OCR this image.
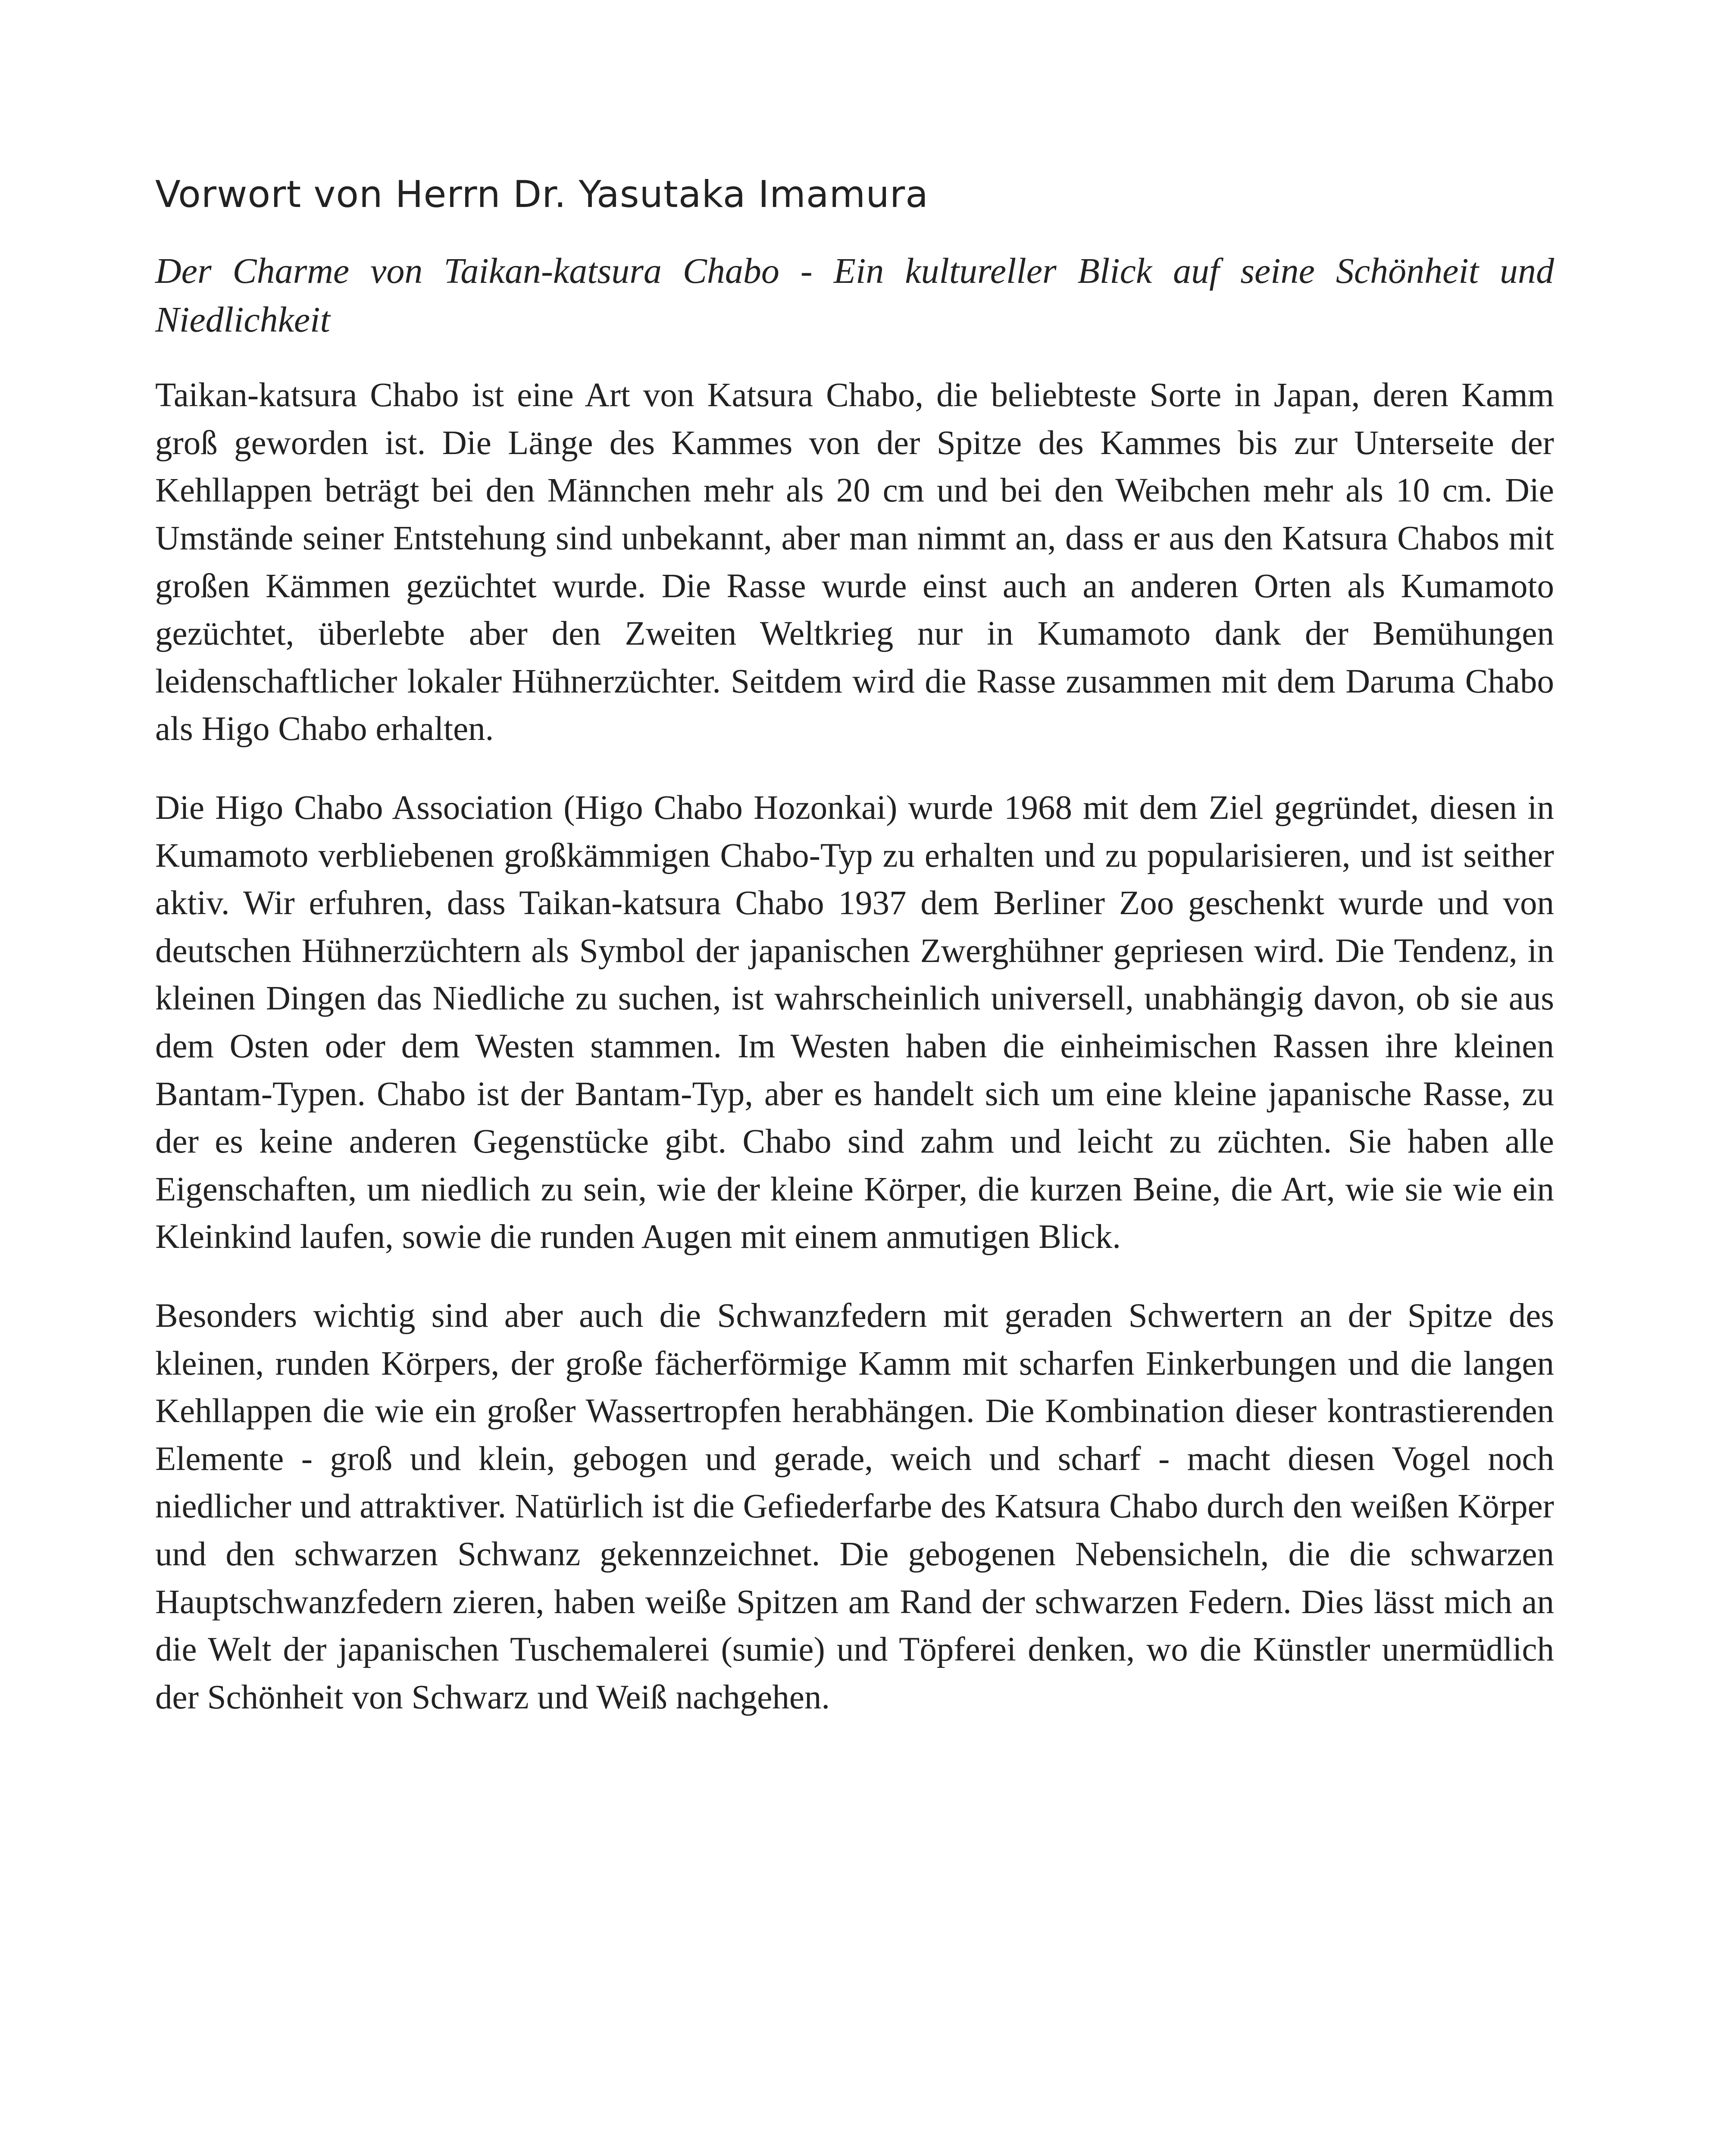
Vorwort von Herrn Dr. Yasutaka Imamura

Der Charme von Taikan-katsura Chabo - Ein kultureller Blick auf seine Schönheit und Niedlichkeit

Taikan-katsura Chabo ist eine Art von Katsura Chabo, die beliebteste Sorte in Japan, deren Kamm groß geworden ist. Die Länge des Kammes von der Spitze des Kammes bis zur Unterseite der Kehllappen beträgt bei den Männchen mehr als 20 cm und bei den Weibchen mehr als 10 cm. Die Umstände seiner Entstehung sind unbekannt, aber man nimmt an, dass er aus den Katsura Chabos mit großen Kämmen gezüchtet wurde. Die Rasse wurde einst auch an anderen Orten als Kumamoto gezüchtet, überlebte aber den Zweiten Weltkrieg nur in Kumamoto dank der Bemühungen leidenschaftlicher lokaler Hühnerzüchter. Seitdem wird die Rasse zusammen mit dem Daruma Chabo als Higo Chabo erhalten.

Die Higo Chabo Association (Higo Chabo Hozonkai) wurde 1968 mit dem Ziel gegründet, diesen in Kumamoto verbliebenen großkämmigen Chabo-Typ zu erhalten und zu popularisieren, und ist seither aktiv. Wir erfuhren, dass Taikan-katsura Chabo 1937 dem Berliner Zoo geschenkt wurde und von deutschen Hühnerzüchtern als Symbol der japanischen Zwerghühner gepriesen wird. Die Tendenz, in kleinen Dingen das Niedliche zu suchen, ist wahrscheinlich universell, unabhängig davon, ob sie aus dem Osten oder dem Westen stammen. Im Westen haben die einheimischen Rassen ihre kleinen Bantam-Typen. Chabo ist der Bantam-Typ, aber es handelt sich um eine kleine japanische Rasse, zu der es keine anderen Gegenstücke gibt. Chabo sind zahm und leicht zu züchten. Sie haben alle Eigenschaften, um niedlich zu sein, wie der kleine Körper, die kurzen Beine, die Art, wie sie wie ein Kleinkind laufen, sowie die runden Augen mit einem anmutigen Blick.

Besonders wichtig sind aber auch die Schwanzfedern mit geraden Schwertern an der Spitze des kleinen, runden Körpers, der große fächerförmige Kamm mit scharfen Einkerbungen und die langen Kehllappen die wie ein großer Wassertropfen herabhängen. Die Kombination dieser kontrastierenden Elemente - groß und klein, gebogen und gerade, weich und scharf - macht diesen Vogel noch niedlicher und attraktiver. Natürlich ist die Gefiederfarbe des Katsura Chabo durch den weißen Körper und den schwarzen Schwanz gekennzeichnet. Die gebogenen Nebensicheln, die die schwarzen Hauptschwanzfedern zieren, haben weiße Spitzen am Rand der schwarzen Federn. Dies lässt mich an die Welt der japanischen Tuschemalerei (sumie) und Töpferei denken, wo die Künstler unermüdlich der Schönheit von Schwarz und Weiß nachgehen.
